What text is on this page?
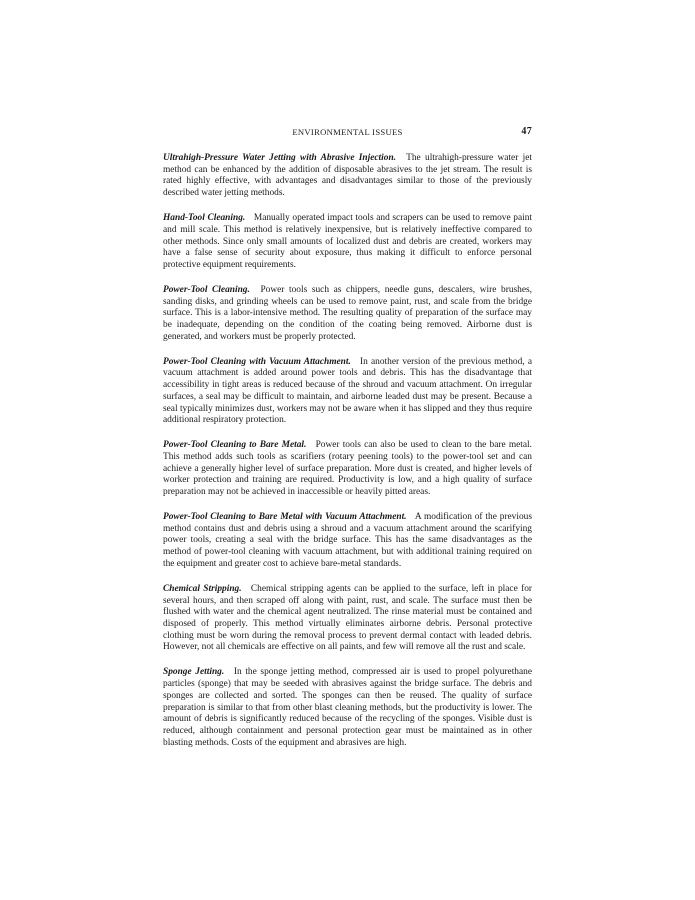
ENVIRONMENTAL ISSUES	47

Ultrahigh-Pressure Water Jetting with Abrasive Injection. The ultrahigh-pressure water jet method can be enhanced by the addition of disposable abrasives to the jet stream. The result is rated highly effective, with advantages and disadvantages similar to those of the previously described water jetting methods.

Hand-Tool Cleaning. Manually operated impact tools and scrapers can be used to remove paint and mill scale. This method is relatively inexpensive, but is relatively ineffective compared to other methods. Since only small amounts of localized dust and debris are created, workers may have a false sense of security about exposure, thus making it difficult to enforce personal protective equipment requirements.

Power-Tool Cleaning. Power tools such as chippers, needle guns, descalers, wire brushes, sanding disks, and grinding wheels can be used to remove paint, rust, and scale from the bridge surface. This is a labor-intensive method. The resulting quality of preparation of the surface may be inadequate, depending on the condition of the coating being removed. Airborne dust is generated, and workers must be properly protected.

Power-Tool Cleaning with Vacuum Attachment. In another version of the previous method, a vacuum attachment is added around power tools and debris. This has the disadvantage that accessibility in tight areas is reduced because of the shroud and vacuum attachment. On irregular surfaces, a seal may be difficult to maintain, and airborne leaded dust may be present. Because a seal typically minimizes dust, workers may not be aware when it has slipped and they thus require additional respiratory protection.

Power-Tool Cleaning to Bare Metal. Power tools can also be used to clean to the bare metal. This method adds such tools as scarifiers (rotary peening tools) to the power-tool set and can achieve a generally higher level of surface preparation. More dust is created, and higher levels of worker protection and training are required. Productivity is low, and a high quality of surface preparation may not be achieved in inaccessible or heavily pitted areas.

Power-Tool Cleaning to Bare Metal with Vacuum Attachment. A modification of the previous method contains dust and debris using a shroud and a vacuum attachment around the scarifying power tools, creating a seal with the bridge surface. This has the same disadvantages as the method of power-tool cleaning with vacuum attachment, but with additional training required on the equipment and greater cost to achieve bare-metal standards.

Chemical Stripping. Chemical stripping agents can be applied to the surface, left in place for several hours, and then scraped off along with paint, rust, and scale. The surface must then be flushed with water and the chemical agent neutralized. The rinse material must be contained and disposed of properly. This method virtually eliminates airborne debris. Personal protective clothing must be worn during the removal process to prevent dermal contact with leaded debris. However, not all chemicals are effective on all paints, and few will remove all the rust and scale.

Sponge Jetting. In the sponge jetting method, compressed air is used to propel polyurethane particles (sponge) that may be seeded with abrasives against the bridge surface. The debris and sponges are collected and sorted. The sponges can then be reused. The quality of surface preparation is similar to that from other blast cleaning methods, but the productivity is lower. The amount of debris is significantly reduced because of the recycling of the sponges. Visible dust is reduced, although containment and personal protection gear must be maintained as in other blasting methods. Costs of the equipment and abrasives are high.
